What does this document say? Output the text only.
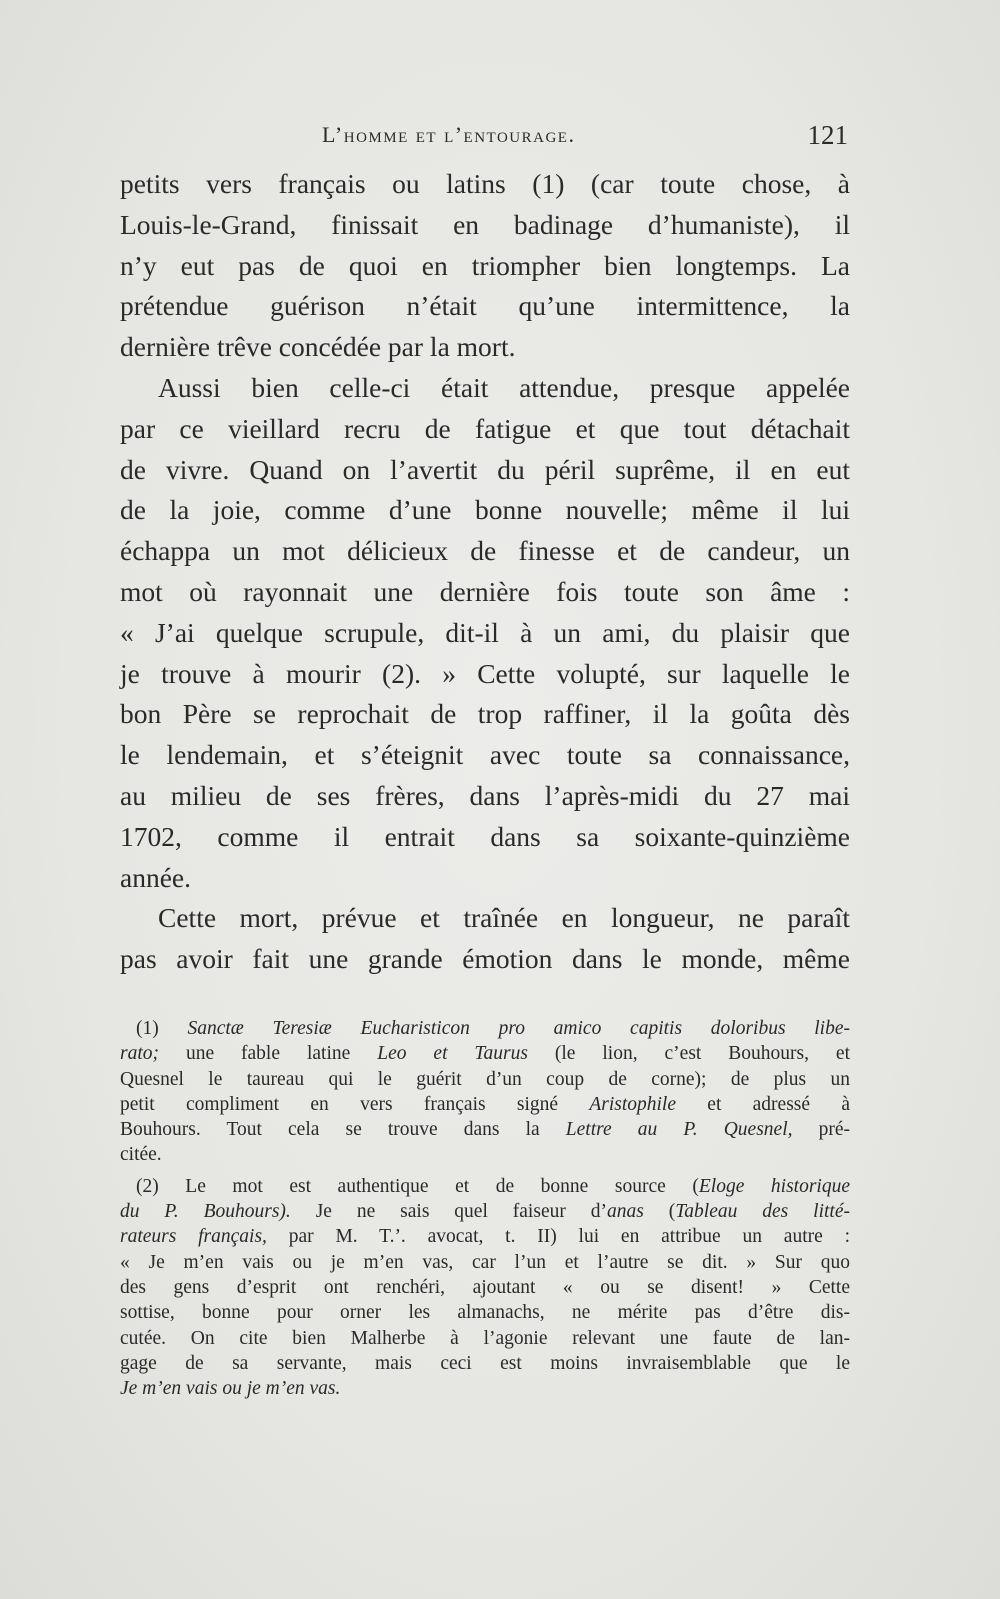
L’homme et l’entourage.	121
petits vers français ou latins (1) (car toute chose, à
Louis-le-Grand, finissait en badinage d’humaniste), il
n’y eut pas de quoi en triompher bien longtemps. La
prétendue guérison n’était qu’une intermittence, la
dernière trêve concédée par la mort.
Aussi bien celle-ci était attendue, presque appelée
par ce vieillard recru de fatigue et que tout détachait
de vivre. Quand on l’avertit du péril suprême, il en eut
de la joie, comme d’une bonne nouvelle; même il lui
échappa un mot délicieux de finesse et de candeur, un
mot où rayonnait une dernière fois toute son âme :
« J’ai quelque scrupule, dit-il à un ami, du plaisir que
je trouve à mourir (2). » Cette volupté, sur laquelle le
bon Père se reprochait de trop raffiner, il la goûta dès
le lendemain, et s’éteignit avec toute sa connaissance,
au milieu de ses frères, dans l’après-midi du 27 mai
1702, comme il entrait dans sa soixante-quinzième
année.
Cette mort, prévue et traînée en longueur, ne paraît
pas avoir fait une grande émotion dans le monde, même
(1) Sanctæ Teresiæ Eucharisticon pro amico capitis doloribus libe-
rato; une fable latine Leo et Taurus (le lion, c’est Bouhours, et
Quesnel le taureau qui le guérit d’un coup de corne); de plus un
petit compliment en vers français signé Aristophile et adressé à
Bouhours. Tout cela se trouve dans la Lettre au P. Quesnel, pré-
citée.
(2) Le mot est authentique et de bonne source (Eloge historique
du P. Bouhours). Je ne sais quel faiseur d’anas (Tableau des litté-
rateurs français, par M. T.’. avocat, t. II) lui en attribue un autre :
« Je m’en vais ou je m’en vas, car l’un et l’autre se dit. » Sur quo
des gens d’esprit ont renchéri, ajoutant « ou se disent! » Cette
sottise, bonne pour orner les almanachs, ne mérite pas d’être dis-
cutée. On cite bien Malherbe à l’agonie relevant une faute de lan-
gage de sa servante, mais ceci est moins invraisemblable que le
Je m’en vais ou je m’en vas.
